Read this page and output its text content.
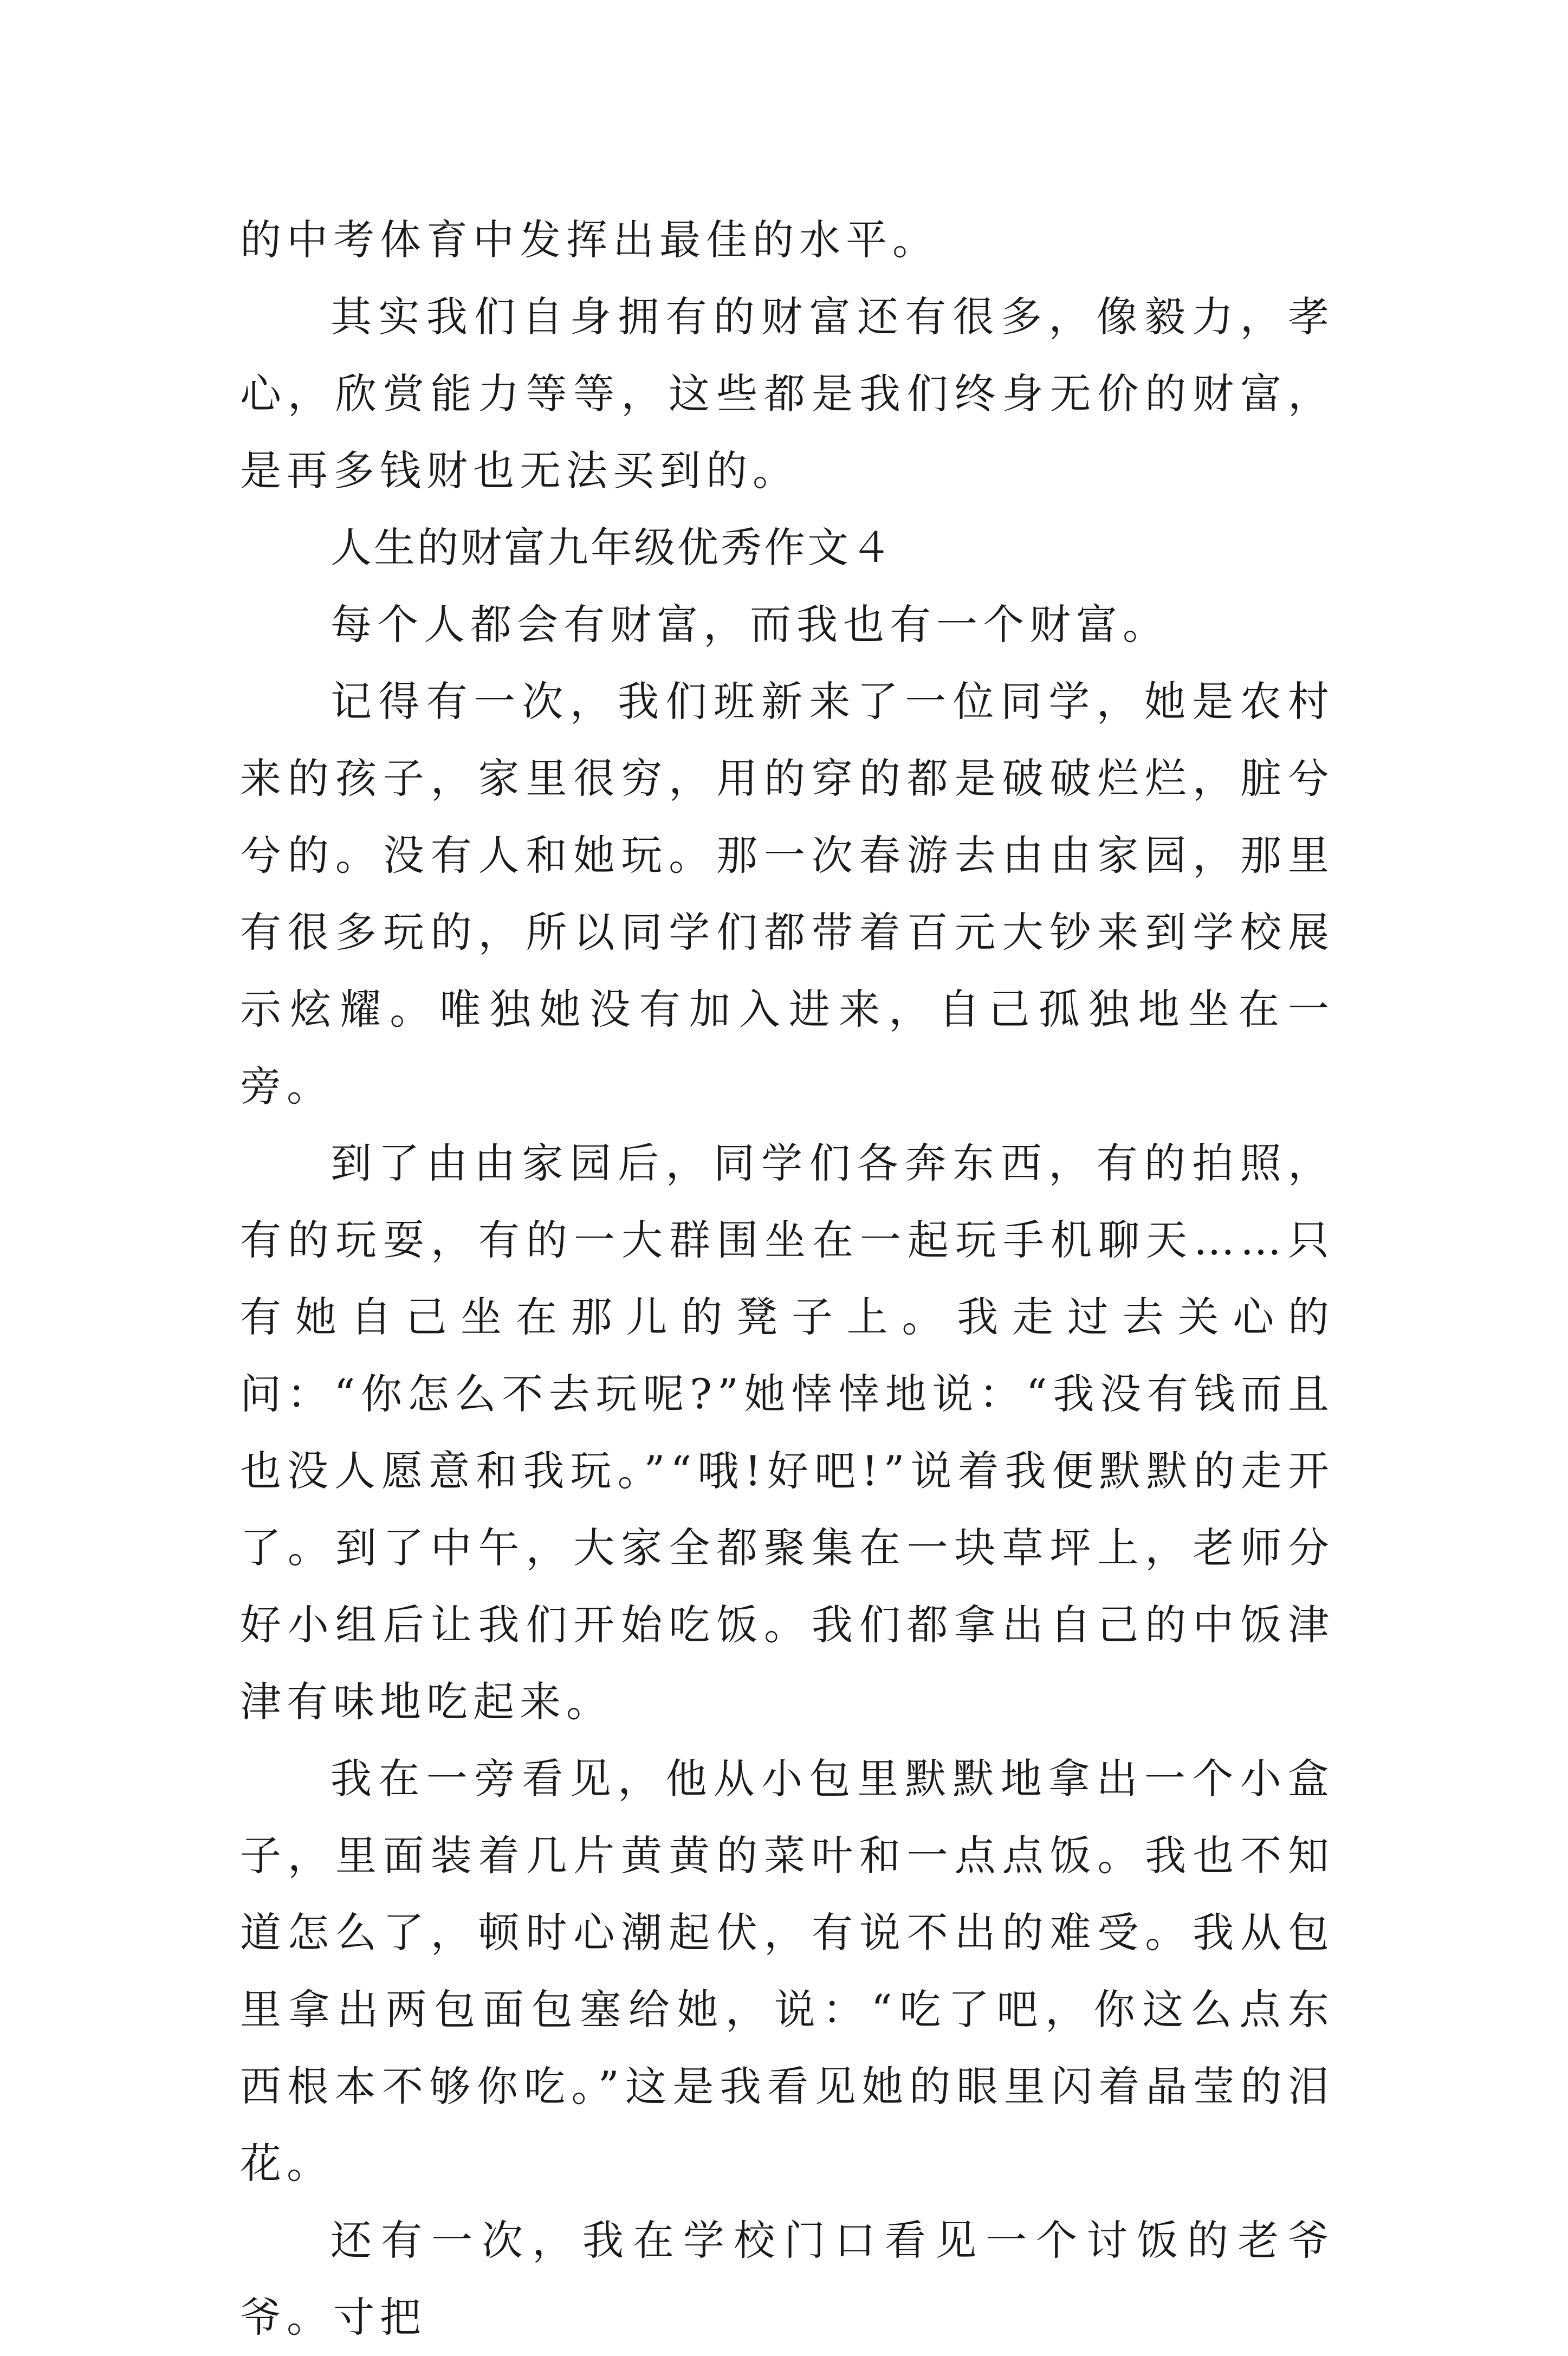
的中考体育中发挥出最佳的水平。

其实我们自身拥有的财富还有很多，像毅力，孝心，欣赏能力等等，这些都是我们终身无价的财富，是再多钱财也无法买到的。

人生的财富九年级优秀作文４

每个人都会有财富，而我也有一个财富。

记得有一次，我们班新来了一位同学，她是农村来的孩子，家里很穷，用的穿的都是破破烂烂，脏兮兮的。没有人和她玩。那一次春游去由由家园，那里有很多玩的，所以同学们都带着百元大钞来到学校展示炫耀。唯独她没有加入进来，自己孤独地坐在一旁。

到了由由家园后，同学们各奔东西，有的拍照，有的玩耍，有的一大群围坐在一起玩手机聊天……只有她自己坐在那儿的凳子上。我走过去关心的问：“你怎么不去玩呢?”她悻悻地说：“我没有钱而且也没人愿意和我玩。”“哦!好吧!”说着我便默默的走开了。到了中午，大家全都聚集在一块草坪上，老师分好小组后让我们开始吃饭。我们都拿出自己的中饭津津有味地吃起来。

我在一旁看见，他从小包里默默地拿出一个小盒子，里面装着几片黄黄的菜叶和一点点饭。我也不知道怎么了，顿时心潮起伏，有说不出的难受。我从包里拿出两包面包塞给她，说：“吃了吧，你这么点东西根本不够你吃。”这是我看见她的眼里闪着晶莹的泪花。

还有一次，我在学校门口看见一个讨饭的老爷爷。寸把
